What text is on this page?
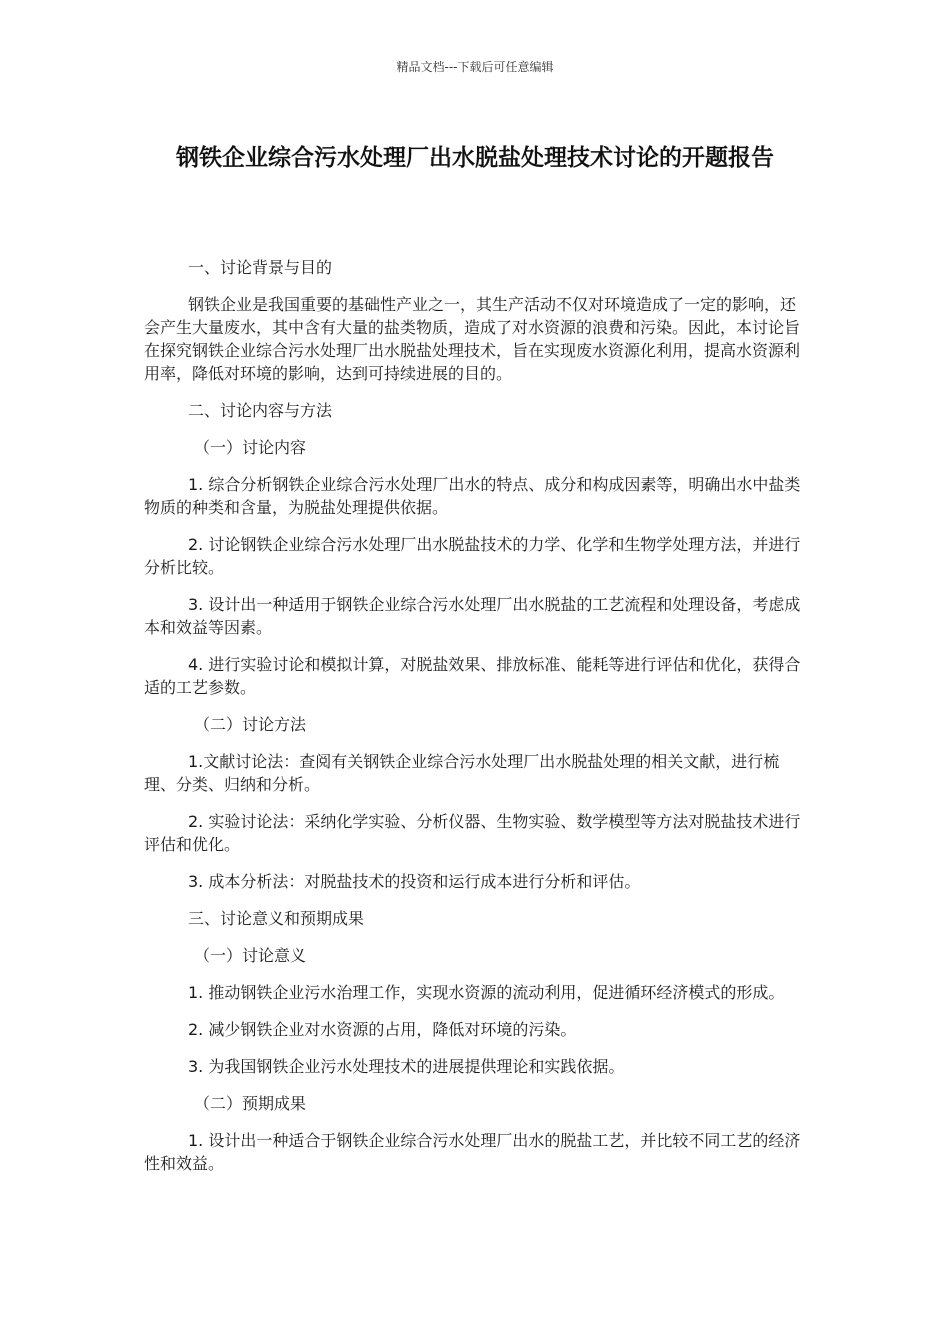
精品文档---下载后可任意编辑
钢铁企业综合污水处理厂出水脱盐处理技术讨论的开题报告

一、讨论背景与目的

钢铁企业是我国重要的基础性产业之一，其生产活动不仅对环境造成了一定的影响，还会产生大量废水，其中含有大量的盐类物质，造成了对水资源的浪费和污染。因此，本讨论旨在探究钢铁企业综合污水处理厂出水脱盐处理技术，旨在实现废水资源化利用，提高水资源利用率，降低对环境的影响，达到可持续进展的目的。

二、讨论内容与方法

（一）讨论内容

1. 综合分析钢铁企业综合污水处理厂出水的特点、成分和构成因素等，明确出水中盐类物质的种类和含量，为脱盐处理提供依据。

2. 讨论钢铁企业综合污水处理厂出水脱盐技术的力学、化学和生物学处理方法，并进行分析比较。

3. 设计出一种适用于钢铁企业综合污水处理厂出水脱盐的工艺流程和处理设备，考虑成本和效益等因素。

4. 进行实验讨论和模拟计算，对脱盐效果、排放标准、能耗等进行评估和优化，获得合适的工艺参数。

（二）讨论方法

1.文献讨论法：查阅有关钢铁企业综合污水处理厂出水脱盐处理的相关文献，进行梳理、分类、归纳和分析。

2. 实验讨论法：采纳化学实验、分析仪器、生物实验、数学模型等方法对脱盐技术进行评估和优化。

3. 成本分析法：对脱盐技术的投资和运行成本进行分析和评估。

三、讨论意义和预期成果

（一）讨论意义

1. 推动钢铁企业污水治理工作，实现水资源的流动利用，促进循环经济模式的形成。

2. 减少钢铁企业对水资源的占用，降低对环境的污染。

3. 为我国钢铁企业污水处理技术的进展提供理论和实践依据。

（二）预期成果

1. 设计出一种适合于钢铁企业综合污水处理厂出水的脱盐工艺，并比较不同工艺的经济性和效益。
